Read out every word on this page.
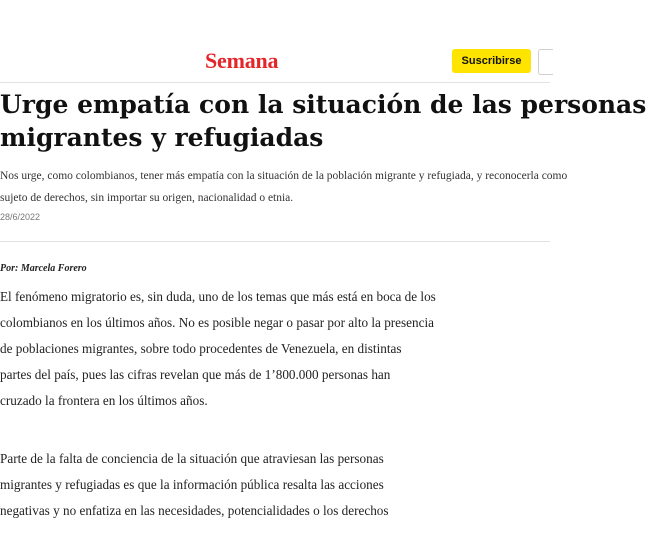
Semana	Suscribirse
Urge empatía con la situación de las personas
migrantes y refugiadas
Nos urge, como colombianos, tener más empatía con la situación de la población migrante y refugiada, y reconocerla como
sujeto de derechos, sin importar su origen, nacionalidad o etnia.
28/6/2022
Por: Marcela Forero
El fenómeno migratorio es, sin duda, uno de los temas que más está en boca de los
colombianos en los últimos años. No es posible negar o pasar por alto la presencia
de poblaciones migrantes, sobre todo procedentes de Venezuela, en distintas
partes del país, pues las cifras revelan que más de 1’800.000 personas han
cruzado la frontera en los últimos años.
Parte de la falta de conciencia de la situación que atraviesan las personas
migrantes y refugiadas es que la información pública resalta las acciones
negativas y no enfatiza en las necesidades, potencialidades o los derechos
